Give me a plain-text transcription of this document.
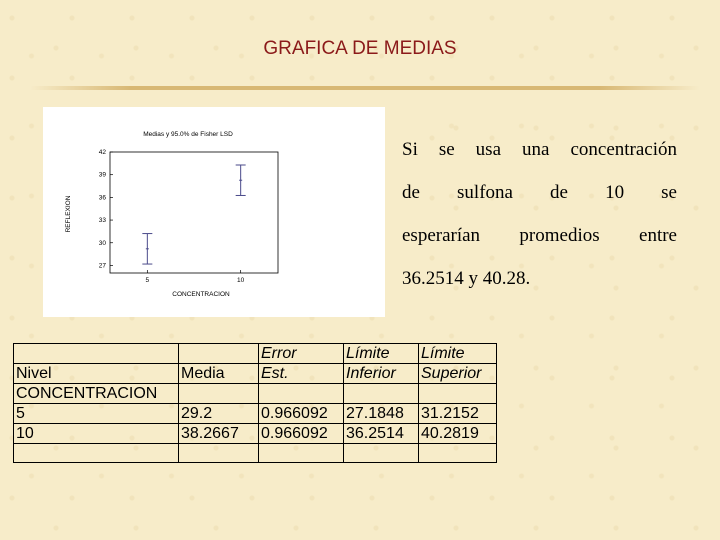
GRAFICA DE MEDIAS
Medias y 95.0% de Fisher LSD
27
30
33
36
39
42
5	10
CONCENTRACION
REFLEXION
Si se usa una concentración
de sulfona de 10 se
esperarían promedios entre
36.2514 y 40.28.
		Error	Límite	Límite
Nivel	Media	Est.	Inferior	Superior
CONCENTRACION				
5	29.2	0.966092	27.1848	31.2152
10	38.2667	0.966092	36.2514	40.2819
